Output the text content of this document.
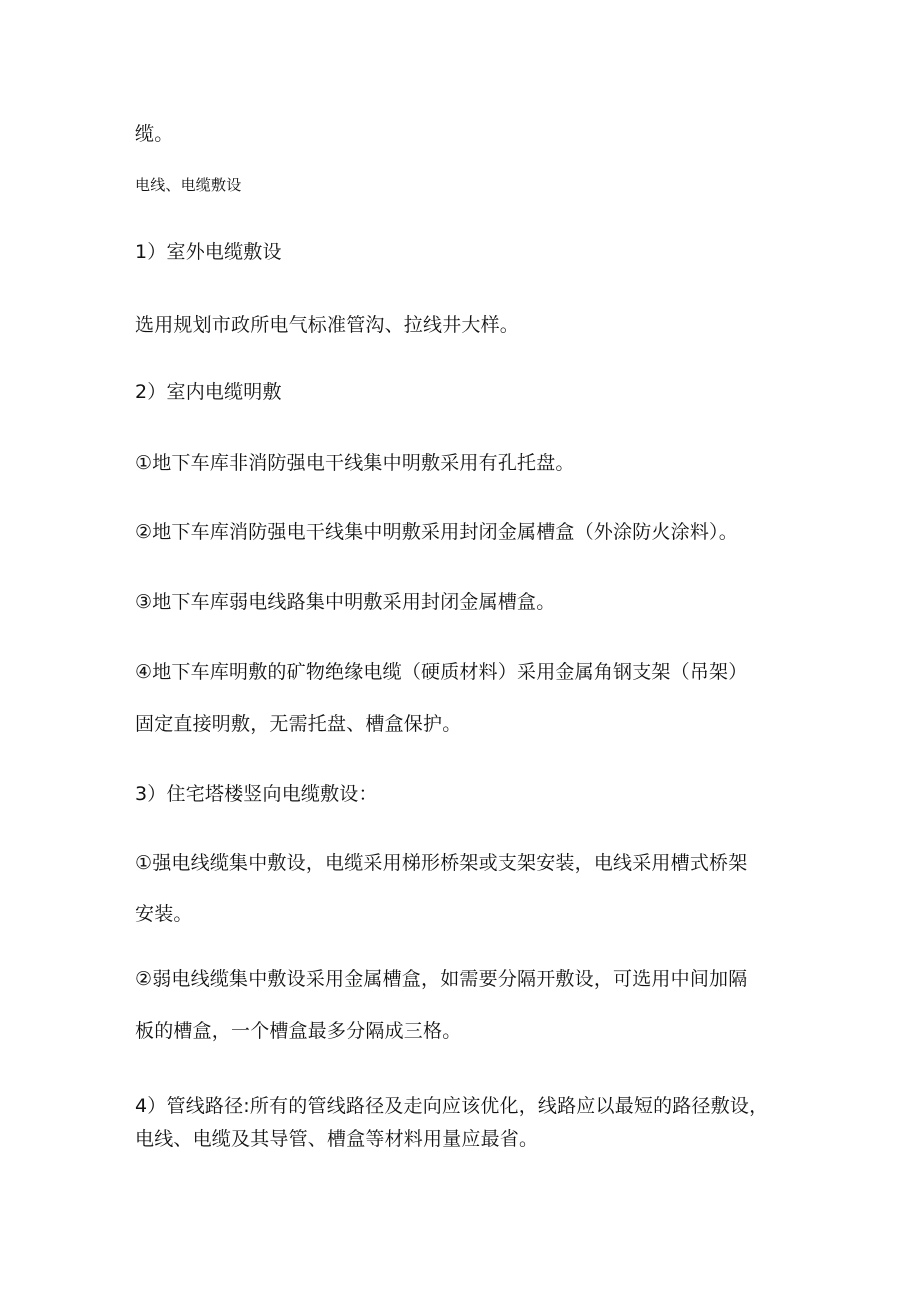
缆。
电线、电缆敷设
1）室外电缆敷设
选用规划市政所电气标准管沟、拉线井大样。
2）室内电缆明敷
①地下车库非消防强电干线集中明敷采用有孔托盘。
②地下车库消防强电干线集中明敷采用封闭金属槽盒（外涂防火涂料）。
③地下车库弱电线路集中明敷采用封闭金属槽盒。
④地下车库明敷的矿物绝缘电缆（硬质材料）采用金属角钢支架（吊架）
固定直接明敷，无需托盘、槽盒保护。
3）住宅塔楼竖向电缆敷设：
①强电线缆集中敷设，电缆采用梯形桥架或支架安装，电线采用槽式桥架
安装。
②弱电线缆集中敷设采用金属槽盒，如需要分隔开敷设，可选用中间加隔
板的槽盒，一个槽盒最多分隔成三格。
4）管线路径:所有的管线路径及走向应该优化，线路应以最短的路径敷设，
电线、电缆及其导管、槽盒等材料用量应最省。
